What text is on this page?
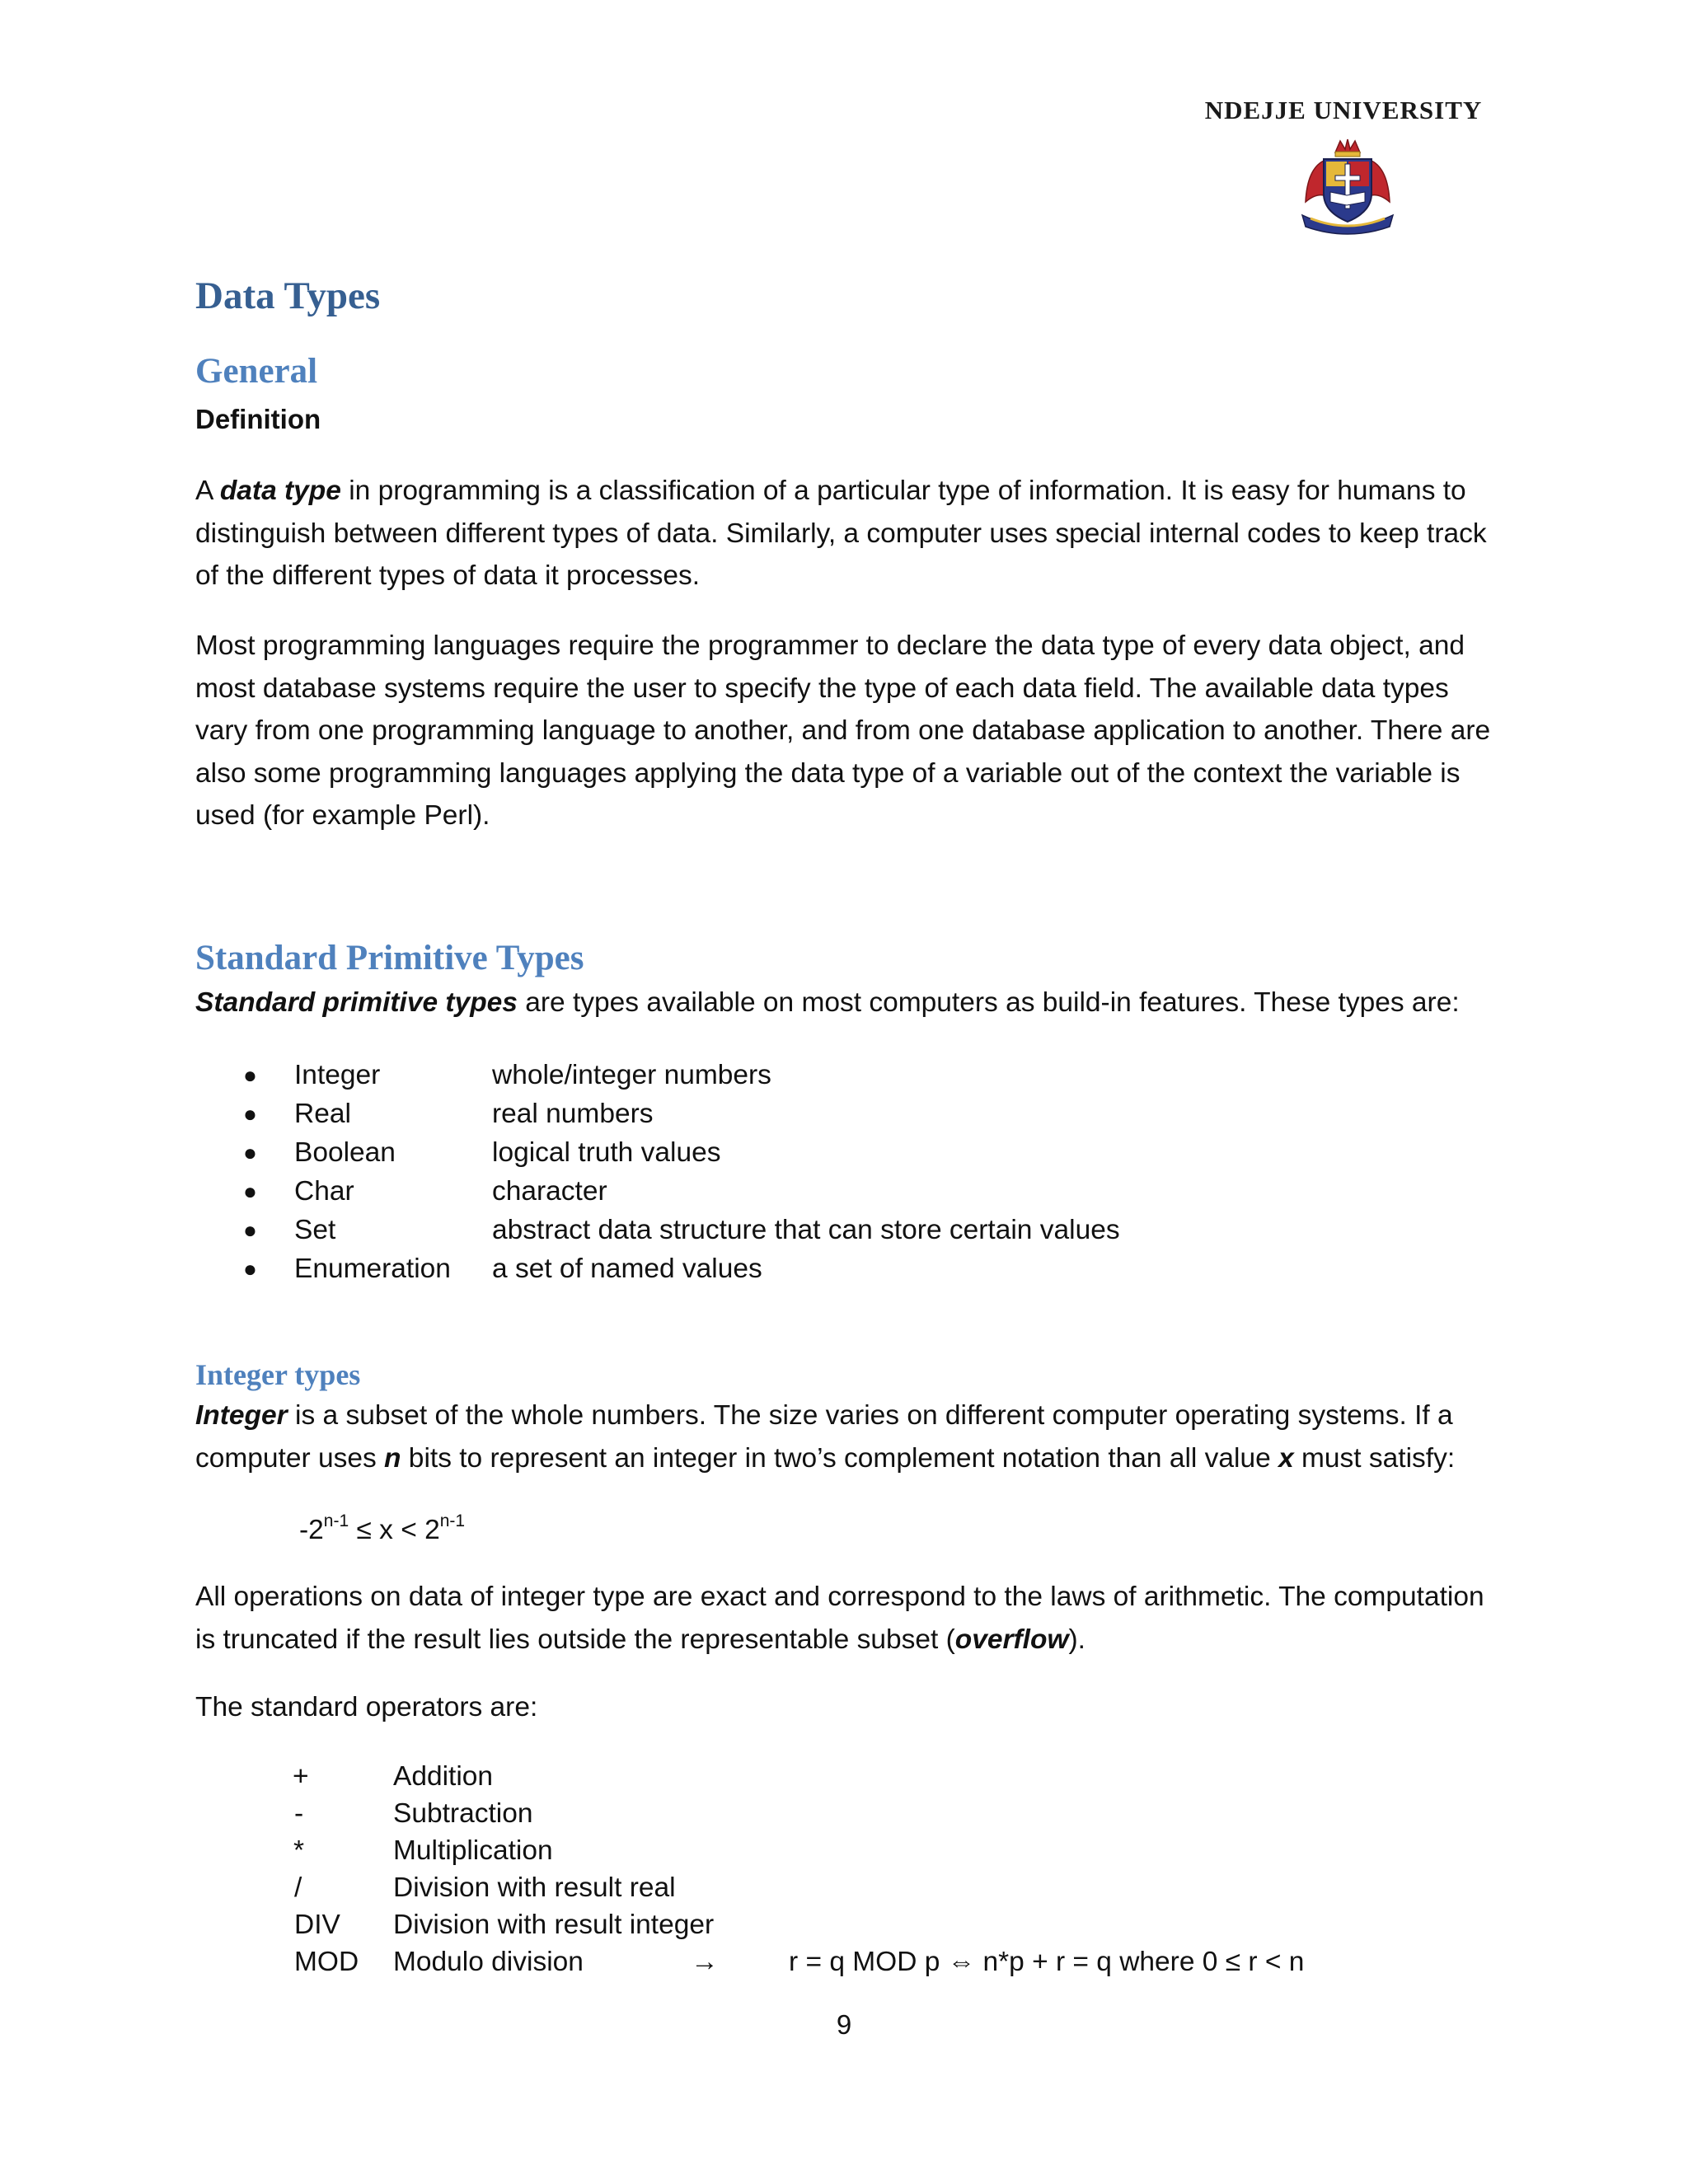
NDEJJE UNIVERSITY
Data Types
General
Definition

A data type in programming is a classification of a particular type of information. It is easy for humans to distinguish between different types of data. Similarly, a computer uses special internal codes to keep track of the different types of data it processes.

Most programming languages require the programmer to declare the data type of every data object, and most database systems require the user to specify the type of each data field. The available data types vary from one programming language to another, and from one database application to another. There are also some programming languages applying the data type of a variable out of the context the variable is used (for example Perl).

Standard Primitive Types

Standard primitive types are types available on most computers as build-in features. These types are:

● Integer	whole/integer numbers
● Real	real numbers
● Boolean	logical truth values
● Char	character
● Set	abstract data structure that can store certain values
● Enumeration a set of named values
Integer types

Integer is a subset of the whole numbers. The size varies on different computer operating systems. If a computer uses n bits to represent an integer in two’s complement notation than all value x must satisfy:

$-2^{n-1} \le x < 2^{n-1}$

All operations on data of integer type are exact and correspond to the laws of arithmetic. The computation is truncated if the result lies outside the representable subset (overflow).

The standard operators are:

+	Addition
-	Subtraction
*	Multiplication
/	Division with result real
DIV Division with result integer
MOD Modulo division	→	r = q MOD p ⇔ n*p + r = q where 0 ≤ r < n
9
